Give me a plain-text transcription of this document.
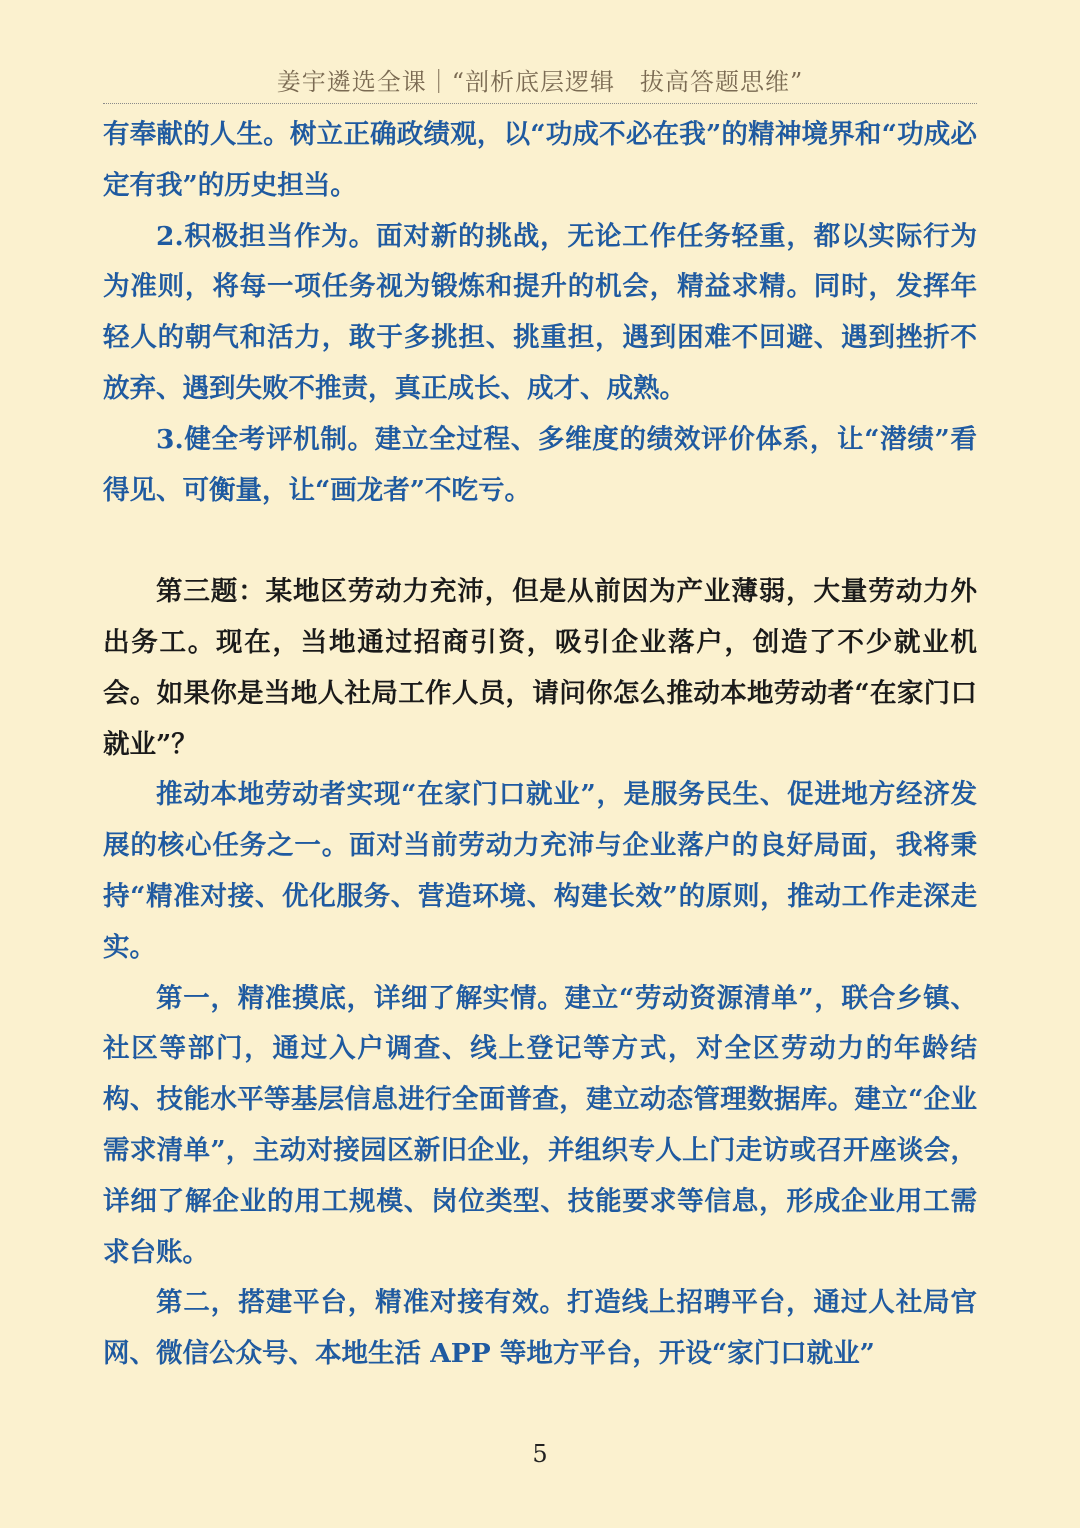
姜宇遴选全课｜“剖析底层逻辑　拔高答题思维”

有奉献的人生。树立正确政绩观，以“功成不必在我”的精神境界和“功成必定有我”的历史担当。

2.积极担当作为。面对新的挑战，无论工作任务轻重，都以实际行为为准则，将每一项任务视为锻炼和提升的机会，精益求精。同时，发挥年轻人的朝气和活力，敢于多挑担、挑重担，遇到困难不回避、遇到挫折不放弃、遇到失败不推责，真正成长、成才、成熟。

3.健全考评机制。建立全过程、多维度的绩效评价体系，让“潜绩”看得见、可衡量，让“画龙者”不吃亏。

第三题：某地区劳动力充沛，但是从前因为产业薄弱，大量劳动力外出务工。现在，当地通过招商引资，吸引企业落户，创造了不少就业机会。如果你是当地人社局工作人员，请问你怎么推动本地劳动者“在家门口就业”？

推动本地劳动者实现“在家门口就业”，是服务民生、促进地方经济发展的核心任务之一。面对当前劳动力充沛与企业落户的良好局面，我将秉持“精准对接、优化服务、营造环境、构建长效”的原则，推动工作走深走实。

第一，精准摸底，详细了解实情。建立“劳动资源清单”，联合乡镇、社区等部门，通过入户调查、线上登记等方式，对全区劳动力的年龄结构、技能水平等基层信息进行全面普查，建立动态管理数据库。建立“企业需求清单”，主动对接园区新旧企业，并组织专人上门走访或召开座谈会，详细了解企业的用工规模、岗位类型、技能要求等信息，形成企业用工需求台账。

第二，搭建平台，精准对接有效。打造线上招聘平台，通过人社局官网、微信公众号、本地生活 APP 等地方平台，开设“家门口就业”

5
